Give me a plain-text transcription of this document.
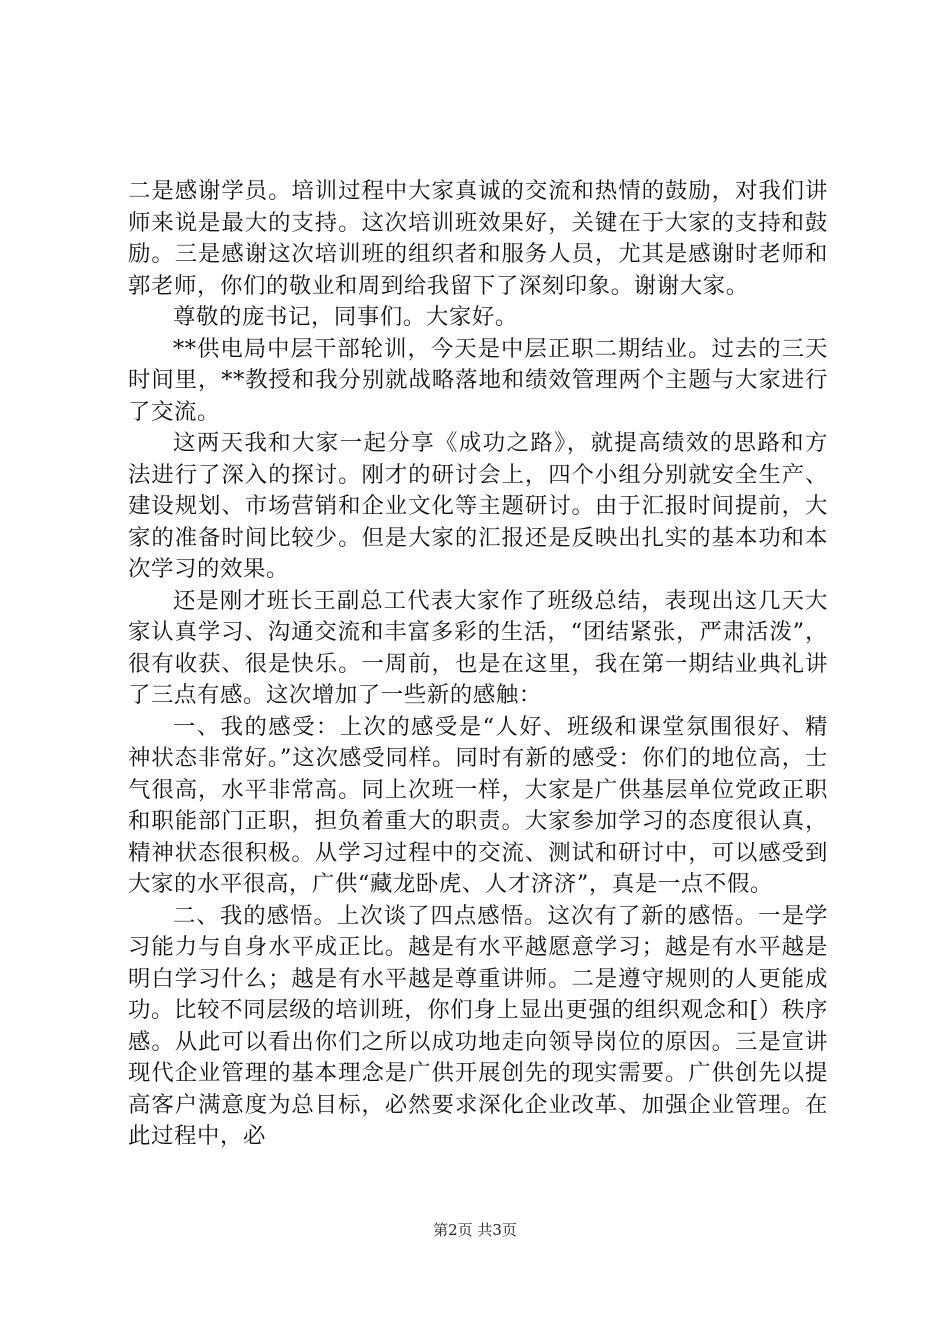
二是感谢学员。培训过程中大家真诚的交流和热情的鼓励，对我们讲师来说是最大的支持。这次培训班效果好，关键在于大家的支持和鼓励。三是感谢这次培训班的组织者和服务人员，尤其是感谢时老师和郭老师，你们的敬业和周到给我留下了深刻印象。谢谢大家。

尊敬的庞书记，同事们。大家好。

**供电局中层干部轮训，今天是中层正职二期结业。过去的三天时间里，**教授和我分别就战略落地和绩效管理两个主题与大家进行了交流。

这两天我和大家一起分享《成功之路》，就提高绩效的思路和方法进行了深入的探讨。刚才的研讨会上，四个小组分别就安全生产、建设规划、市场营销和企业文化等主题研讨。由于汇报时间提前，大家的准备时间比较少。但是大家的汇报还是反映出扎实的基本功和本次学习的效果。

还是刚才班长王副总工代表大家作了班级总结，表现出这几天大家认真学习、沟通交流和丰富多彩的生活，“团结紧张，严肃活泼”，很有收获、很是快乐。一周前，也是在这里，我在第一期结业典礼讲了三点有感。这次增加了一些新的感触：

一、我的感受：上次的感受是“人好、班级和课堂氛围很好、精神状态非常好。”这次感受同样。同时有新的感受：你们的地位高，士气很高，水平非常高。同上次班一样，大家是广供基层单位党政正职和职能部门正职，担负着重大的职责。大家参加学习的态度很认真，精神状态很积极。从学习过程中的交流、测试和研讨中，可以感受到大家的水平很高，广供“藏龙卧虎、人才济济”，真是一点不假。

二、我的感悟。上次谈了四点感悟。这次有了新的感悟。一是学习能力与自身水平成正比。越是有水平越愿意学习；越是有水平越是明白学习什么；越是有水平越是尊重讲师。二是遵守规则的人更能成功。比较不同层级的培训班，你们身上显出更强的组织观念和[）秩序感。从此可以看出你们之所以成功地走向领导岗位的原因。三是宣讲现代企业管理的基本理念是广供开展创先的现实需要。广供创先以提高客户满意度为总目标，必然要求深化企业改革、加强企业管理。在此过程中，必

第2页 共3页
